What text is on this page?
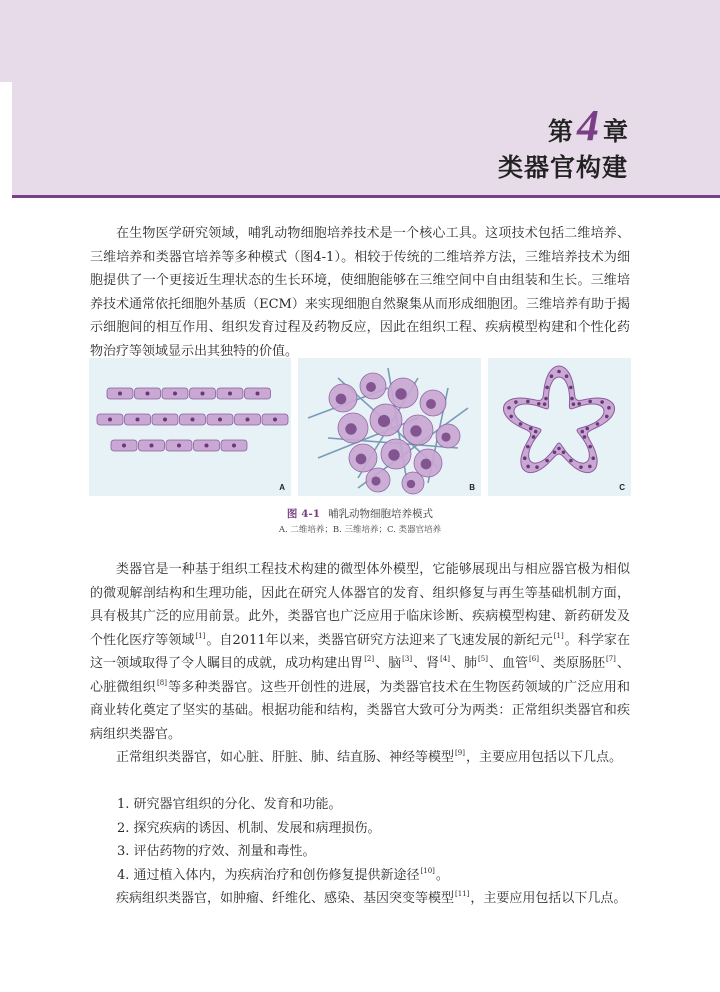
第 4 章
类器官构建

在生物医学研究领域，哺乳动物细胞培养技术是一个核心工具。这项技术包括二维培养、三维培养和类器官培养等多种模式（图4-1）。相较于传统的二维培养方法，三维培养技术为细胞提供了一个更接近生理状态的生长环境，使细胞能够在三维空间中自由组装和生长。三维培养技术通常依托细胞外基质（ECM）来实现细胞自然聚集从而形成细胞团。三维培养有助于揭示细胞间的相互作用、组织发育过程及药物反应，因此在组织工程、疾病模型构建和个性化药物治疗等领域显示出其独特的价值。

A	B	C
图 4-1 哺乳动物细胞培养模式
A. 二维培养；B. 三维培养；C. 类器官培养

类器官是一种基于组织工程技术构建的微型体外模型，它能够展现出与相应器官极为相似的微观解剖结构和生理功能，因此在研究人体器官的发育、组织修复与再生等基础机制方面，具有极其广泛的应用前景。此外，类器官也广泛应用于临床诊断、疾病模型构建、新药研发及个性化医疗等领域[1]。自2011年以来，类器官研究方法迎来了飞速发展的新纪元[1]。科学家在这一领域取得了令人瞩目的成就，成功构建出胃[2]、脑[3]、肾[4]、肺[5]、血管[6]、类原肠胚[7]、心脏微组织[8]等多种类器官。这些开创性的进展，为类器官技术在生物医药领域的广泛应用和商业转化奠定了坚实的基础。根据功能和结构，类器官大致可分为两类：正常组织类器官和疾病组织类器官。

正常组织类器官，如心脏、肝脏、肺、结直肠、神经等模型[9]，主要应用包括以下几点。

1. 研究器官组织的分化、发育和功能。

2. 探究疾病的诱因、机制、发展和病理损伤。

3. 评估药物的疗效、剂量和毒性。

4. 通过植入体内，为疾病治疗和创伤修复提供新途径[10]。

疾病组织类器官，如肿瘤、纤维化、感染、基因突变等模型[11]，主要应用包括以下几点。
